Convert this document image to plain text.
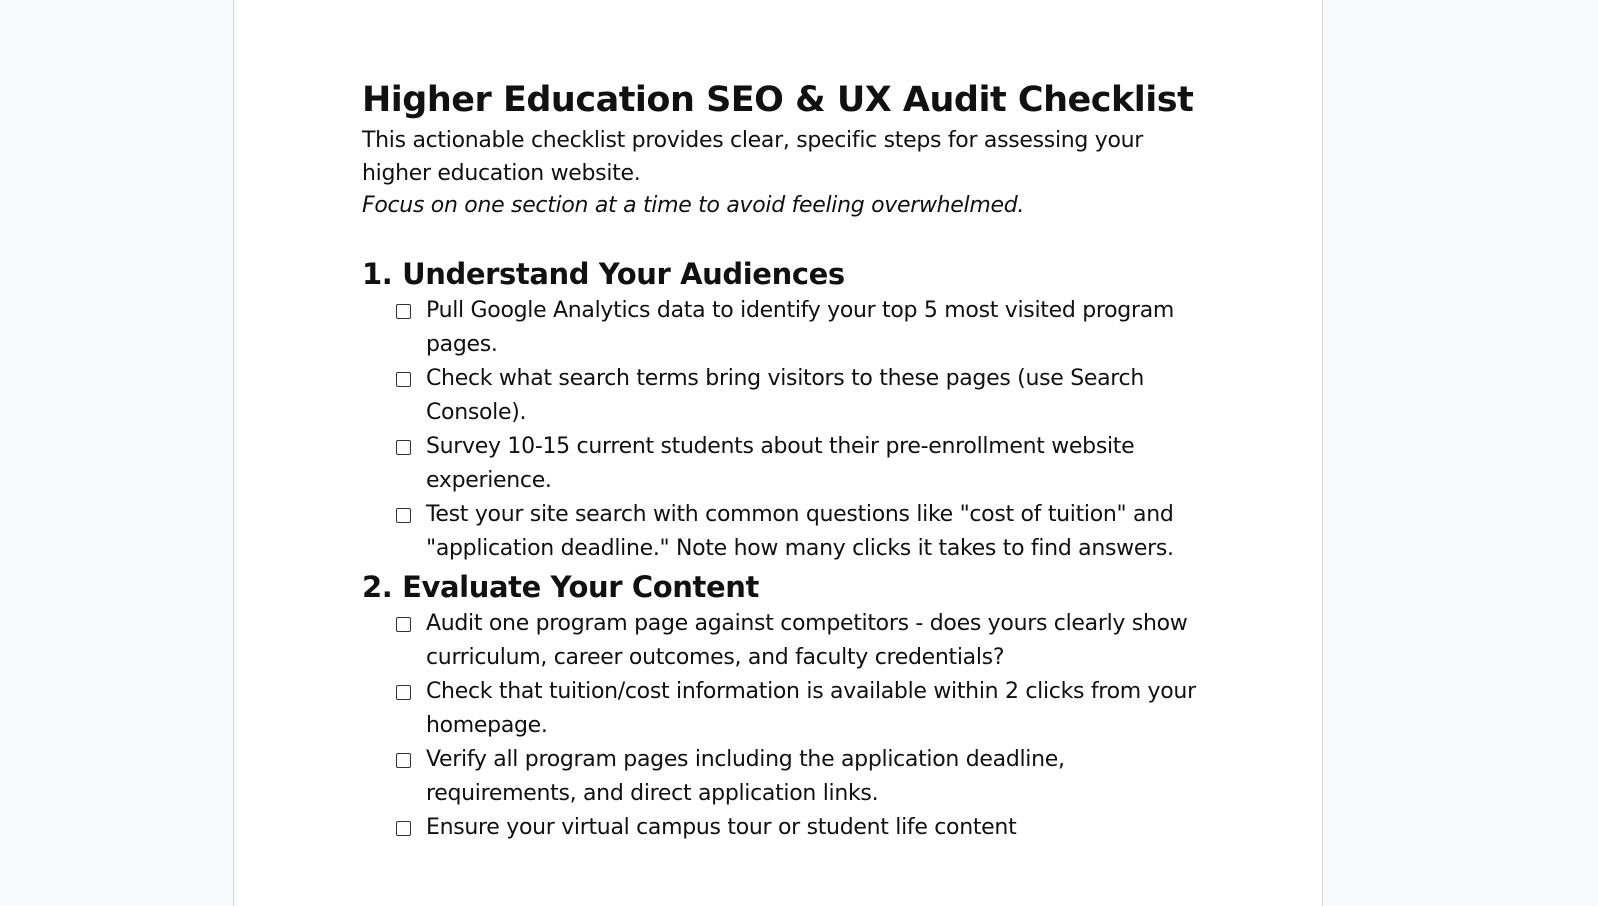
Higher Education SEO & UX Audit Checklist

This actionable checklist provides clear, specific steps for assessing your higher education website.

Focus on one section at a time to avoid feeling overwhelmed.

1. Understand Your Audiences
Pull Google Analytics data to identify your top 5 most visited program pages.
Check what search terms bring visitors to these pages (use Search Console).
Survey 10-15 current students about their pre-enrollment website experience.
Test your site search with common questions like "cost of tuition" and "application deadline." Note how many clicks it takes to find answers.
2. Evaluate Your Content
Audit one program page against competitors - does yours clearly show curriculum, career outcomes, and faculty credentials?
Check that tuition/cost information is available within 2 clicks from your homepage.
Verify all program pages including the application deadline, requirements, and direct application links.
Ensure your virtual campus tour or student life content
